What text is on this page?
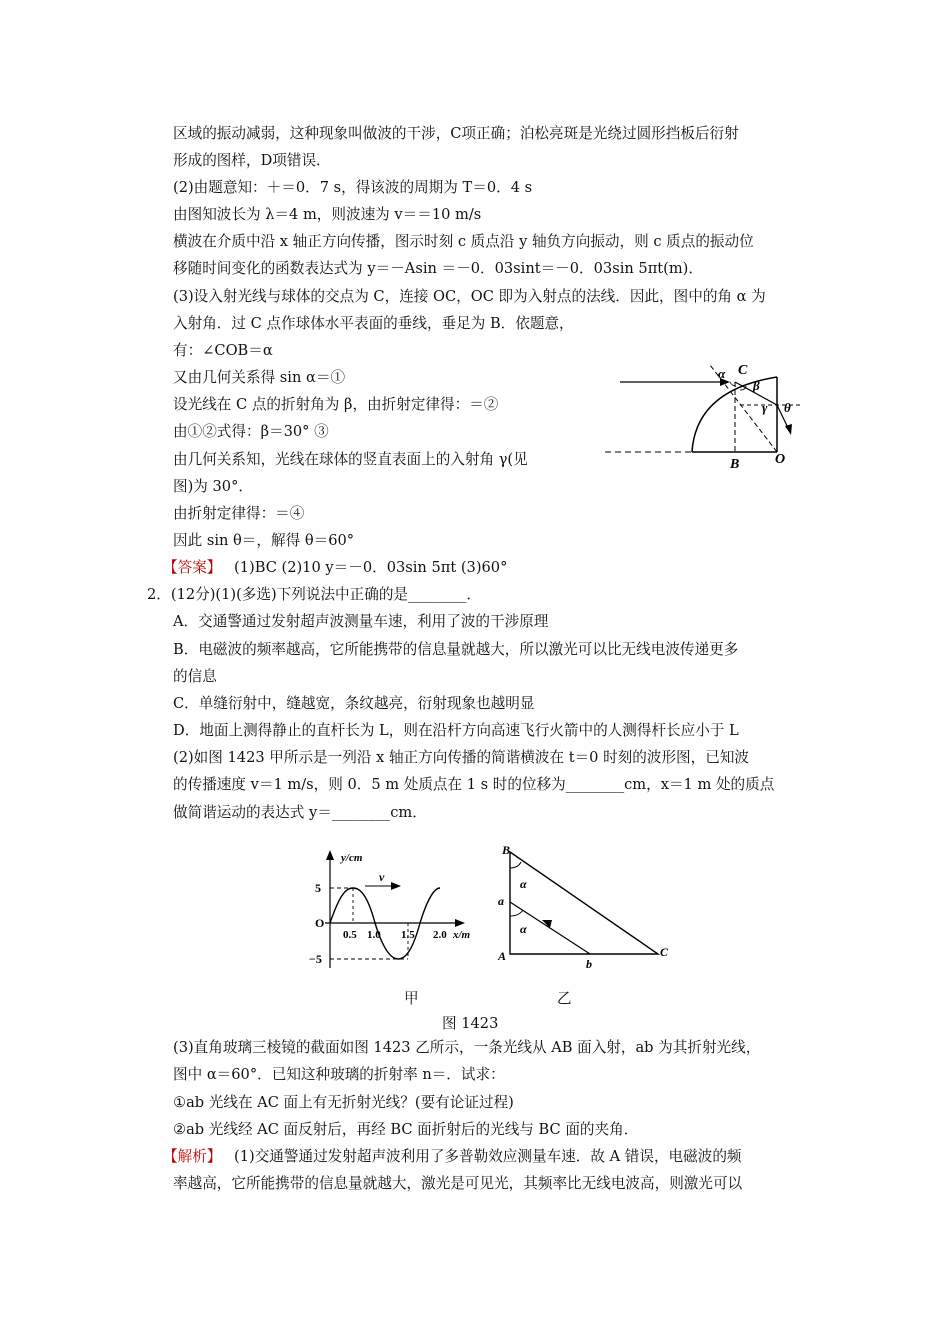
区域的振动减弱，这种现象叫做波的干涉，C项正确；泊松亮斑是光绕过圆形挡板后衍射
形成的图样，D项错误．
(2)由题意知：＋＝0．7 s，得该波的周期为 T＝0．4 s
由图知波长为 λ＝4 m，则波速为 v＝＝10 m/s
横波在介质中沿 x 轴正方向传播，图示时刻 c 质点沿 y 轴负方向振动，则 c 质点的振动位
移随时间变化的函数表达式为 y＝－Asin ＝－0．03sint＝－0．03sin 5πt(m)．
(3)设入射光线与球体的交点为 C，连接 OC，OC 即为入射点的法线．因此，图中的角 α 为
入射角．过 C 点作球体水平表面的垂线，垂足为 B．依题意，
有：∠COB＝α
又由几何关系得 sin α＝①
设光线在 C 点的折射角为 β，由折射定律得：＝②
由①②式得：β＝30° ③
由几何关系知，光线在球体的竖直表面上的入射角 γ(见
图)为 30°．
由折射定律得：＝④
因此 sin θ＝，解得 θ＝60°
【答案】 (1)BC (2)10 y＝－0．03sin 5πt (3)60°
2．(12分)(1)(多选)下列说法中正确的是________．
A．交通警通过发射超声波测量车速，利用了波的干涉原理
B．电磁波的频率越高，它所能携带的信息量就越大，所以激光可以比无线电波传递更多
的信息
C．单缝衍射中，缝越宽，条纹越亮，衍射现象也越明显
D．地面上测得静止的直杆长为 L，则在沿杆方向高速飞行火箭中的人测得杆长应小于 L
(2)如图 1423 甲所示是一列沿 x 轴正方向传播的简谐横波在 t＝0 时刻的波形图，已知波
的传播速度 v＝1 m/s，则 0．5 m 处质点在 1 s 时的位移为________cm，x＝1 m 处的质点
做简谐运动的表达式 y＝________cm．
(3)直角玻璃三棱镜的截面如图 1423 乙所示，一条光线从 AB 面入射，ab 为其折射光线，
图中 α＝60°．已知这种玻璃的折射率 n＝．试求：
①ab 光线在 AC 面上有无折射光线？(要有论证过程)
②ab 光线经 AC 面反射后，再经 BC 面折射后的光线与 BC 面的夹角．
【解析】 (1)交通警通过发射超声波利用了多普勒效应测量车速．故 A 错误，电磁波的频
率越高，它所能携带的信息量就越大，激光是可见光，其频率比无线电波高，则激光可以
α C
β
γ θ
B	O
y/cm
v
5
−5
O
0.5 1.0 1.5 2.0 x/m
B
a
A
b
C
α
α
甲	乙
图 1423
